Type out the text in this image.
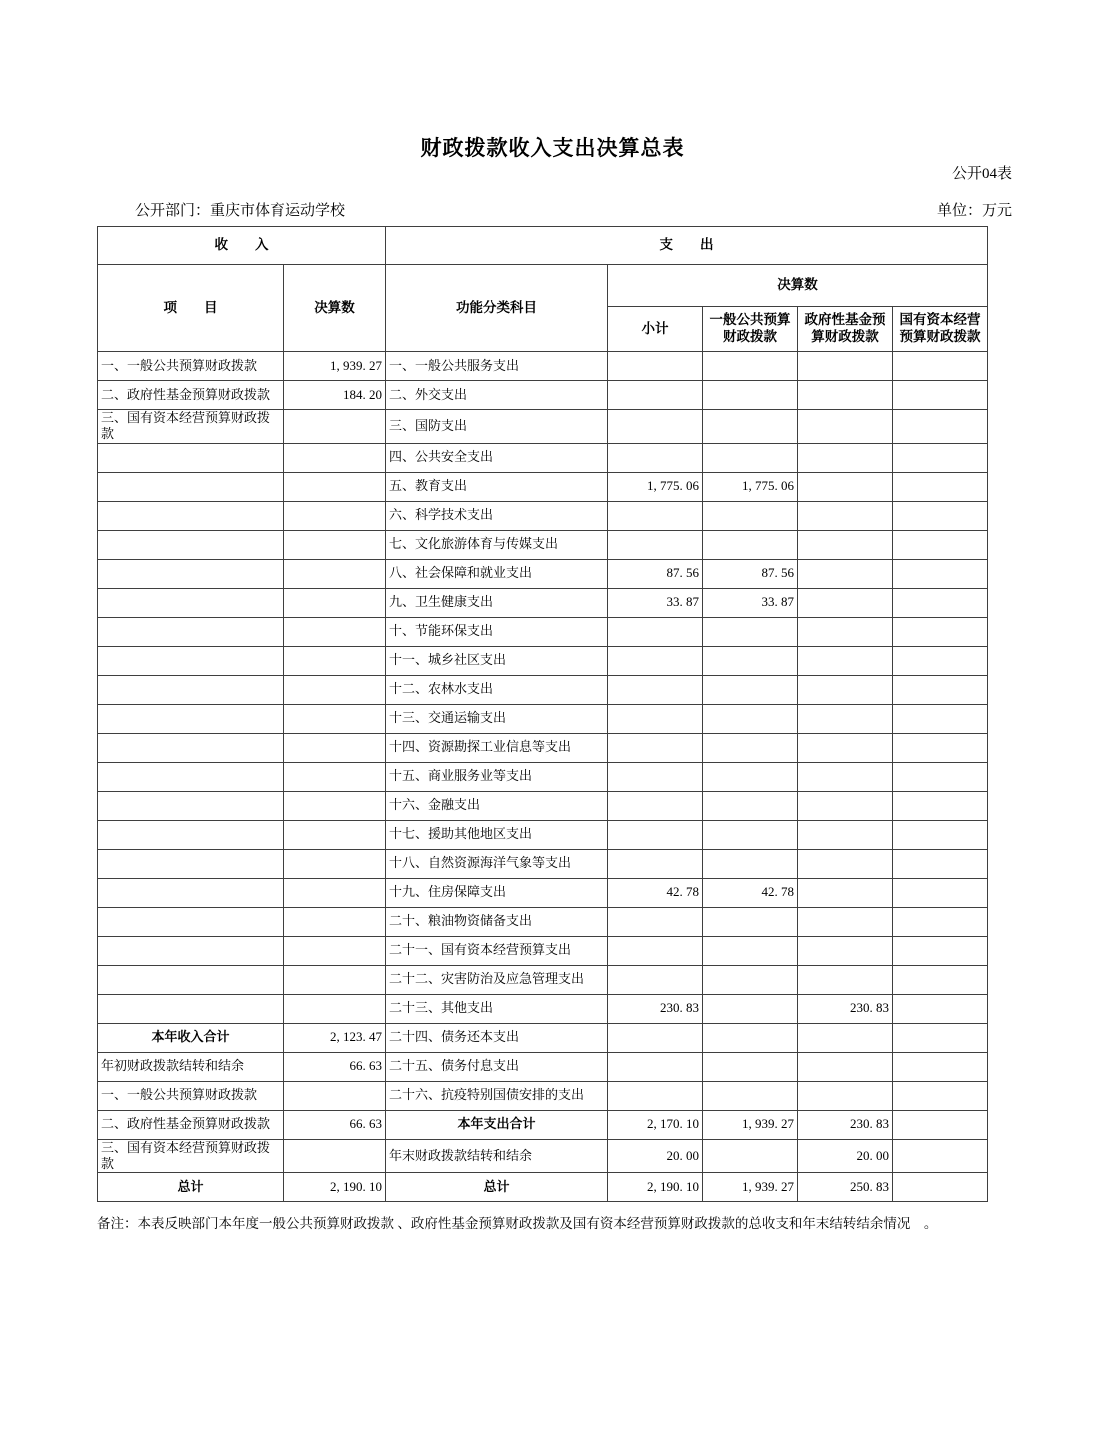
财政拨款收入支出决算总表
公开04表
公开部门：重庆市体育运动学校	单位：万元
收　　入		支　　出				
项　　目	决算数	功能分类科目	决算数			
			小计	一般公共预算财政拨款	政府性基金预算财政拨款	国有资本经营预算财政拨款
一、一般公共预算财政拨款	1, 939. 27	一、一般公共服务支出				
二、政府性基金预算财政拨款	184. 20	二、外交支出				
三、国有资本经营预算财政拨款		三、国防支出				
		四、公共安全支出				
		五、教育支出	1, 775. 06	1, 775. 06		
		六、科学技术支出				
		七、文化旅游体育与传媒支出				
		八、社会保障和就业支出	87. 56	87. 56		
		九、卫生健康支出	33. 87	33. 87		
		十、节能环保支出				
		十一、城乡社区支出				
		十二、农林水支出				
		十三、交通运输支出				
		十四、资源勘探工业信息等支出				
		十五、商业服务业等支出				
		十六、金融支出				
		十七、援助其他地区支出				
		十八、自然资源海洋气象等支出				
		十九、住房保障支出	42. 78	42. 78		
		二十、粮油物资储备支出				
		二十一、国有资本经营预算支出				
		二十二、灾害防治及应急管理支出				
		二十三、其他支出	230. 83		230. 83	
本年收入合计	2, 123. 47	二十四、债务还本支出				
年初财政拨款结转和结余	66. 63	二十五、债务付息支出				
一、一般公共预算财政拨款		二十六、抗疫特别国债安排的支出				
二、政府性基金预算财政拨款	66. 63	本年支出合计	2, 170. 10	1, 939. 27	230. 83	
三、国有资本经营预算财政拨款		年末财政拨款结转和结余	20. 00		20. 00	
总计	2, 190. 10	总计	2, 190. 10	1, 939. 27	250. 83	
备注：本表反映部门本年度一般公共预算财政拨款 、政府性基金预算财政拨款及国有资本经营预算财政拨款的总收支和年末结转结余情况　。
